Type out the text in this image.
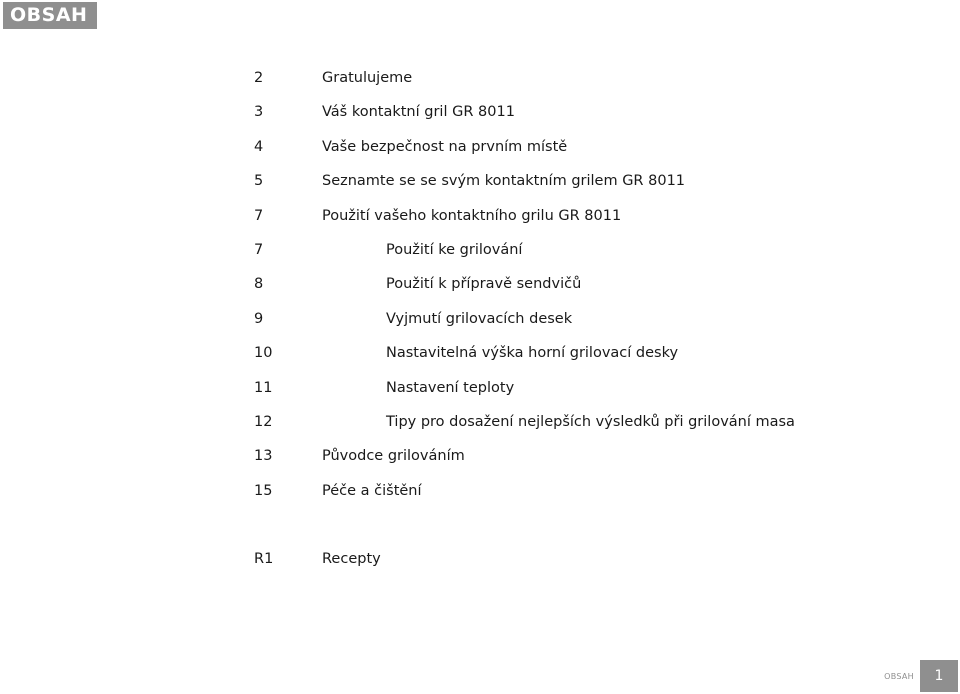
OBSAH
2	Gratulujeme
3	Váš kontaktní gril GR 8011
4	Vaše bezpečnost na prvním místě
5	Seznamte se se svým kontaktním grilem GR 8011
7	Použití vašeho kontaktního grilu GR 8011
7	Použití ke grilování
8	Použití k přípravě sendvičů
9	Vyjmutí grilovacích desek
10	Nastavitelná výška horní grilovací desky
11	Nastavení teploty
12	Tipy pro dosažení nejlepších výsledků při grilování masa
13	Původce grilováním
15	Péče a čištění
R1	Recepty
OBSAH	1
